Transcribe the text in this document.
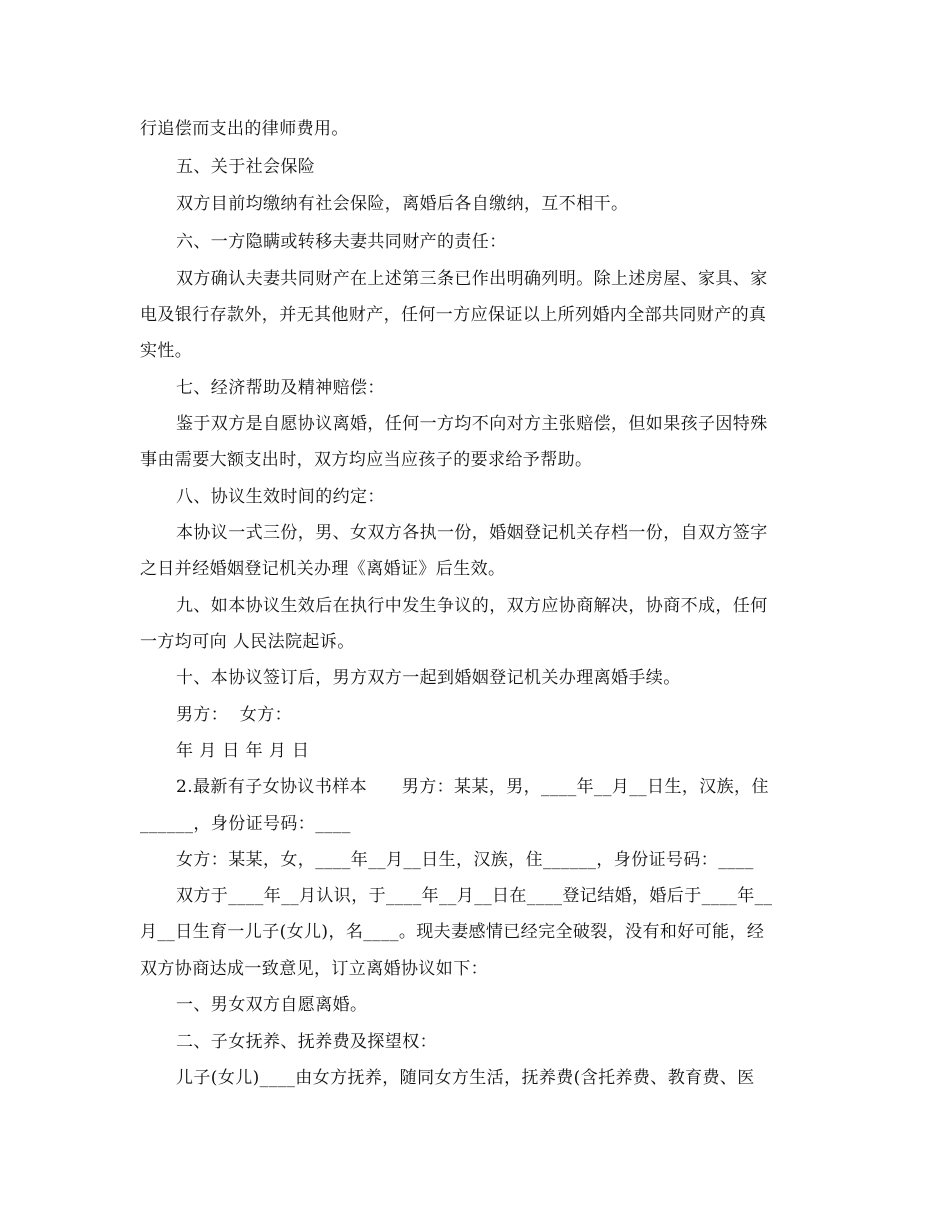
行追偿而支出的律师费用。
五、关于社会保险
双方目前均缴纳有社会保险，离婚后各自缴纳，互不相干。
六、一方隐瞒或转移夫妻共同财产的责任：
双方确认夫妻共同财产在上述第三条已作出明确列明。除上述房屋、家具、家
电及银行存款外，并无其他财产，任何一方应保证以上所列婚内全部共同财产的真
实性。
七、经济帮助及精神赔偿：
鉴于双方是自愿协议离婚，任何一方均不向对方主张赔偿，但如果孩子因特殊
事由需要大额支出时，双方均应当应孩子的要求给予帮助。
八、协议生效时间的约定：
本协议一式三份，男、女双方各执一份，婚姻登记机关存档一份，自双方签字
之日并经婚姻登记机关办理《离婚证》后生效。
九、如本协议生效后在执行中发生争议的，双方应协商解决，协商不成，任何
一方均可向 人民法院起诉。
十、本协议签订后，男方双方一起到婚姻登记机关办理离婚手续。
男方：  女方：
年 月 日 年 月 日
2.最新有子女协议书样本      男方：某某，男，____年__月__日生，汉族，住
______，身份证号码：____
女方：某某，女，____年__月__日生，汉族，住______，身份证号码：____
双方于____年__月认识，于____年__月__日在____登记结婚，婚后于____年__
月__日生育一儿子(女儿)，名____。现夫妻感情已经完全破裂，没有和好可能，经
双方协商达成一致意见，订立离婚协议如下：
一、男女双方自愿离婚。
二、子女抚养、抚养费及探望权：
儿子(女儿)____由女方抚养，随同女方生活，抚养费(含托养费、教育费、医
